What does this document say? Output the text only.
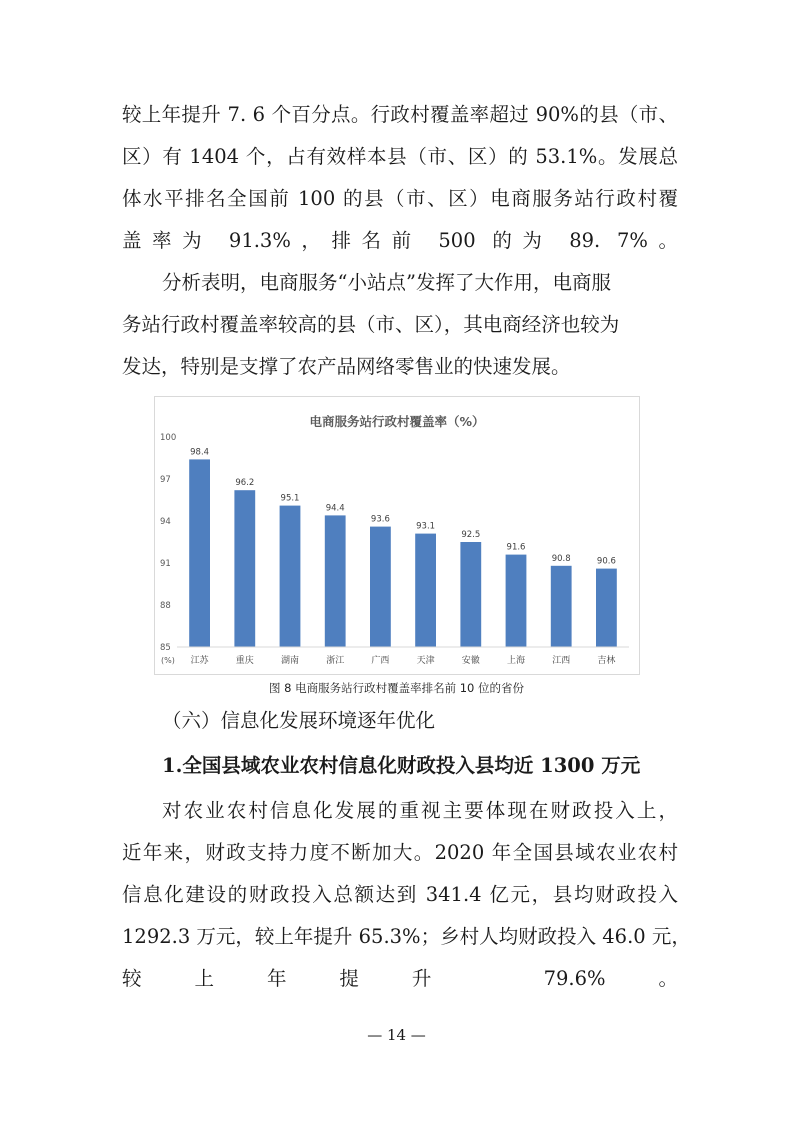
较上年提升 7. 6 个百分点。行政村覆盖率超过 90%的县（市、
区）有 1404 个，占有效样本县（市、区）的 53.1%。发展总
体水平排名全国前 100 的县（市、区）电商服务站行政村覆
盖率为 91.3%，排名前 500 的为 89. 7%。
分析表明，电商服务“小站点”发挥了大作用，电商服
务站行政村覆盖率较高的县（市、区），其电商经济也较为
发达，特别是支撑了农产品网络零售业的快速发展。
电商服务站行政村覆盖率（%）
85
88
91
94
97
100
(%)
98.4
96.2
95.1
94.4
93.6
93.1
92.5
91.6
90.8	90.6
江苏	重庆	湖南	浙江	广西	天津	安徽	上海	江西	吉林
图 8 电商服务站行政村覆盖率排名前 10 位的省份
（六）信息化发展环境逐年优化
1.全国县域农业农村信息化财政投入县均近 1300 万元
对农业农村信息化发展的重视主要体现在财政投入上，
近年来，财政支持力度不断加大。2020 年全国县域农业农村
信息化建设的财政投入总额达到 341.4 亿元，县均财政投入
1292.3 万元，较上年提升 65.3%；乡村人均财政投入 46.0 元，
较上年提升 79.6%。
— 14 —
